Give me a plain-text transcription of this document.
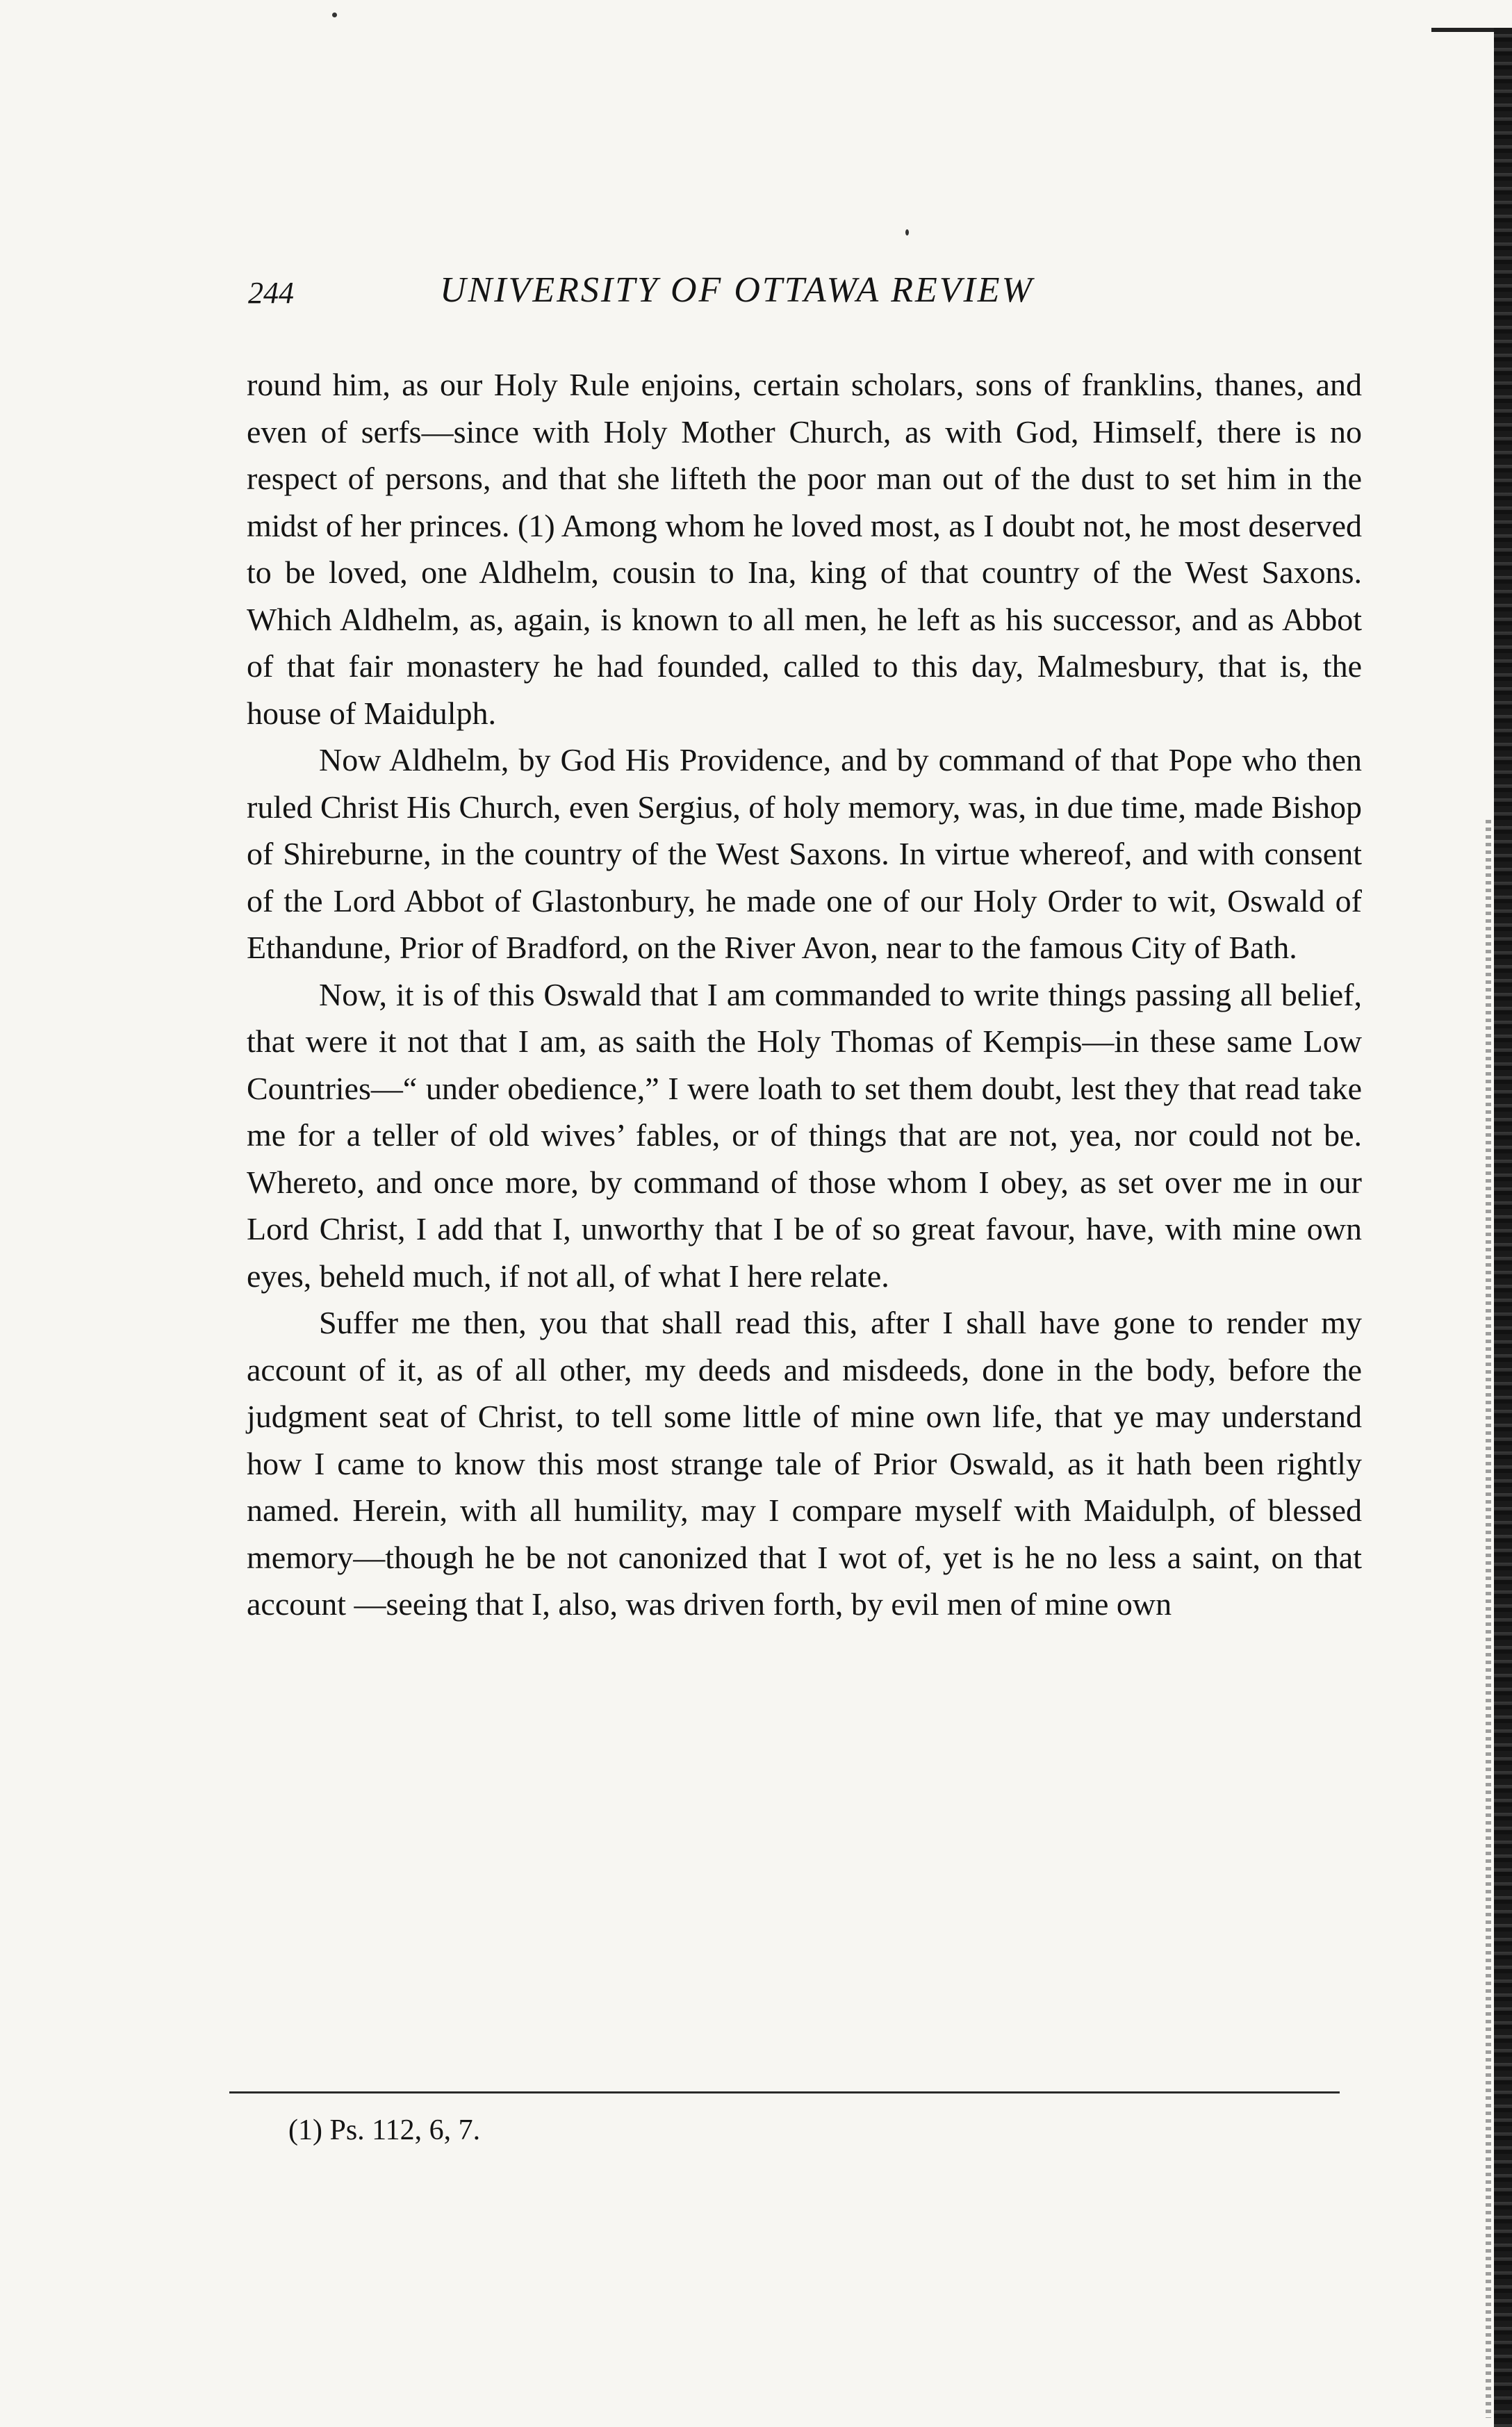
244	UNIVERSITY OF OTTAWA REVIEW

round him, as our Holy Rule enjoins, certain scholars, sons of franklins, thanes, and even of serfs—since with Holy Mother Church, as with God, Himself, there is no respect of persons, and that she lifteth the poor man out of the dust to set him in the midst of her princes. (1) Among whom he loved most, as I doubt not, he most deserved to be loved, one Aldhelm, cousin to Ina, king of that country of the West Saxons. Which Aldhelm, as, again, is known to all men, he left as his successor, and as Abbot of that fair monastery he had founded, called to this day, Malmesbury, that is, the house of Maidulph.

Now Aldhelm, by God His Providence, and by command of that Pope who then ruled Christ His Church, even Sergius, of holy memory, was, in due time, made Bishop of Shireburne, in the country of the West Saxons. In virtue whereof, and with consent of the Lord Abbot of Glastonbury, he made one of our Holy Order to wit, Oswald of Ethandune, Prior of Bradford, on the River Avon, near to the famous City of Bath.

Now, it is of this Oswald that I am commanded to write things passing all belief, that were it not that I am, as saith the Holy Thomas of Kempis—in these same Low Countries—“ under obedience,” I were loath to set them doubt, lest they that read take me for a teller of old wives’ fables, or of things that are not, yea, nor could not be. Whereto, and once more, by command of those whom I obey, as set over me in our Lord Christ, I add that I, unworthy that I be of so great favour, have, with mine own eyes, beheld much, if not all, of what I here relate.

Suffer me then, you that shall read this, after I shall have gone to render my account of it, as of all other, my deeds and misdeeds, done in the body, before the judgment seat of Christ, to tell some little of mine own life, that ye may understand how I came to know this most strange tale of Prior Oswald, as it hath been rightly named. Herein, with all humility, may I compare myself with Maidulph, of blessed memory—though he be not canonized that I wot of, yet is he no less a saint, on that account —seeing that I, also, was driven forth, by evil men of mine own

(1) Ps. 112, 6, 7.
